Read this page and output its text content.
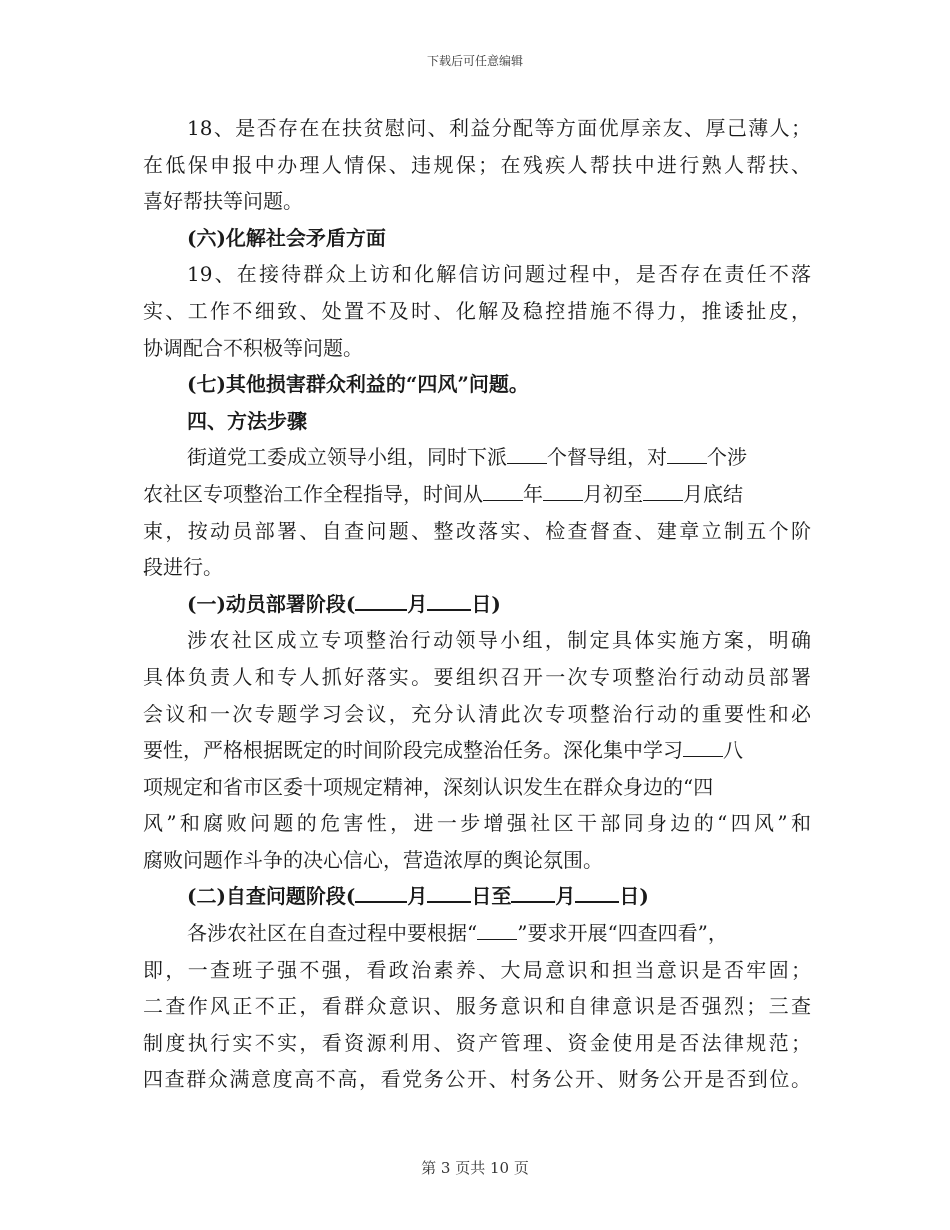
下载后可任意编辑
18、是否存在在扶贫慰问、利益分配等方面优厚亲友、厚己薄人；
在低保申报中办理人情保、违规保；在残疾人帮扶中进行熟人帮扶、
喜好帮扶等问题。
(六)化解社会矛盾方面
19、在接待群众上访和化解信访问题过程中，是否存在责任不落
实、工作不细致、处置不及时、化解及稳控措施不得力，推诿扯皮，
协调配合不积极等问题。
(七)其他损害群众利益的“四风”问题。
四、方法步骤
街道党工委成立领导小组，同时下派 个督导组，对 个涉
农社区专项整治工作全程指导，时间从 年 月初至 月底结
束，按动员部署、自查问题、整改落实、检查督查、建章立制五个阶
段进行。
(一)动员部署阶段(	月 日)
涉农社区成立专项整治行动领导小组，制定具体实施方案，明确
具体负责人和专人抓好落实。要组织召开一次专项整治行动动员部署
会议和一次专题学习会议，充分认清此次专项整治行动的重要性和必
要性，严格根据既定的时间阶段完成整治任务。深化集中学习 八
项规定和省市区委十项规定精神，深刻认识发生在群众身边的“四
风”和腐败问题的危害性，进一步增强社区干部同身边的“四风”和
腐败问题作斗争的决心信心，营造浓厚的舆论氛围。
(二)自查问题阶段(	月 日至 月 日)
各涉农社区在自查过程中要根据“ ”要求开展“四查四看”，
即，一查班子强不强，看政治素养、大局意识和担当意识是否牢固；
二查作风正不正，看群众意识、服务意识和自律意识是否强烈；三查
制度执行实不实，看资源利用、资产管理、资金使用是否法律规范；
四查群众满意度高不高，看党务公开、村务公开、财务公开是否到位。
第 3 页共 10 页
